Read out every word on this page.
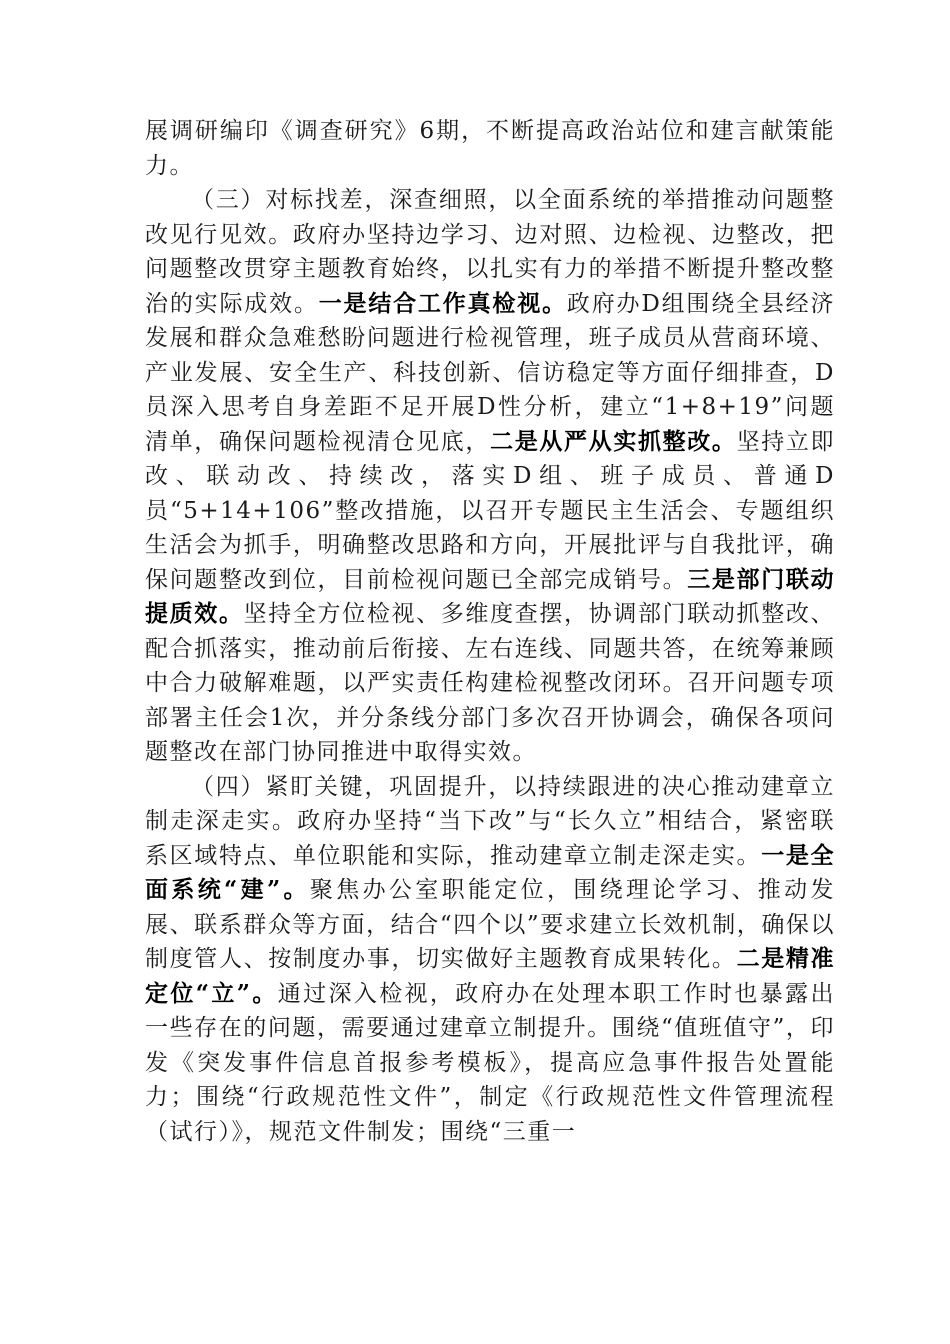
展调研编印《调查研究》6期，不断提高政治站位和建言献策能力。

（三）对标找差，深查细照，以全面系统的举措推动问题整改见行见效。政府办坚持边学习、边对照、边检视、边整改，把问题整改贯穿主题教育始终，以扎实有力的举措不断提升整改整治的实际成效。一是结合工作真检视。政府办D组围绕全县经济发展和群众急难愁盼问题进行检视管理，班子成员从营商环境、产业发展、安全生产、科技创新、信访稳定等方面仔细排查，D员深入思考自身差距不足开展D性分析，建立“1+8+19”问题清单，确保问题检视清仓见底，二是从严从实抓整改。坚持立即改、联动改、持续改，落实D组、班子成员、普通D员“5+14+106”整改措施，以召开专题民主生活会、专题组织生活会为抓手，明确整改思路和方向，开展批评与自我批评，确保问题整改到位，目前检视问题已全部完成销号。三是部门联动提质效。坚持全方位检视、多维度查摆，协调部门联动抓整改、配合抓落实，推动前后衔接、左右连线、同题共答，在统筹兼顾中合力破解难题，以严实责任构建检视整改闭环。召开问题专项部署主任会1次，并分条线分部门多次召开协调会，确保各项问题整改在部门协同推进中取得实效。

（四）紧盯关键，巩固提升，以持续跟进的决心推动建章立制走深走实。政府办坚持“当下改”与“长久立”相结合，紧密联系区域特点、单位职能和实际，推动建章立制走深走实。一是全面系统“建”。聚焦办公室职能定位，围绕理论学习、推动发展、联系群众等方面，结合“四个以”要求建立长效机制，确保以制度管人、按制度办事，切实做好主题教育成果转化。二是精准定位“立”。通过深入检视，政府办在处理本职工作时也暴露出一些存在的问题，需要通过建章立制提升。围绕“值班值守”，印发《突发事件信息首报参考模板》，提高应急事件报告处置能力；围绕“行政规范性文件”，制定《行政规范性文件管理流程（试行）》，规范文件制发；围绕“三重一
